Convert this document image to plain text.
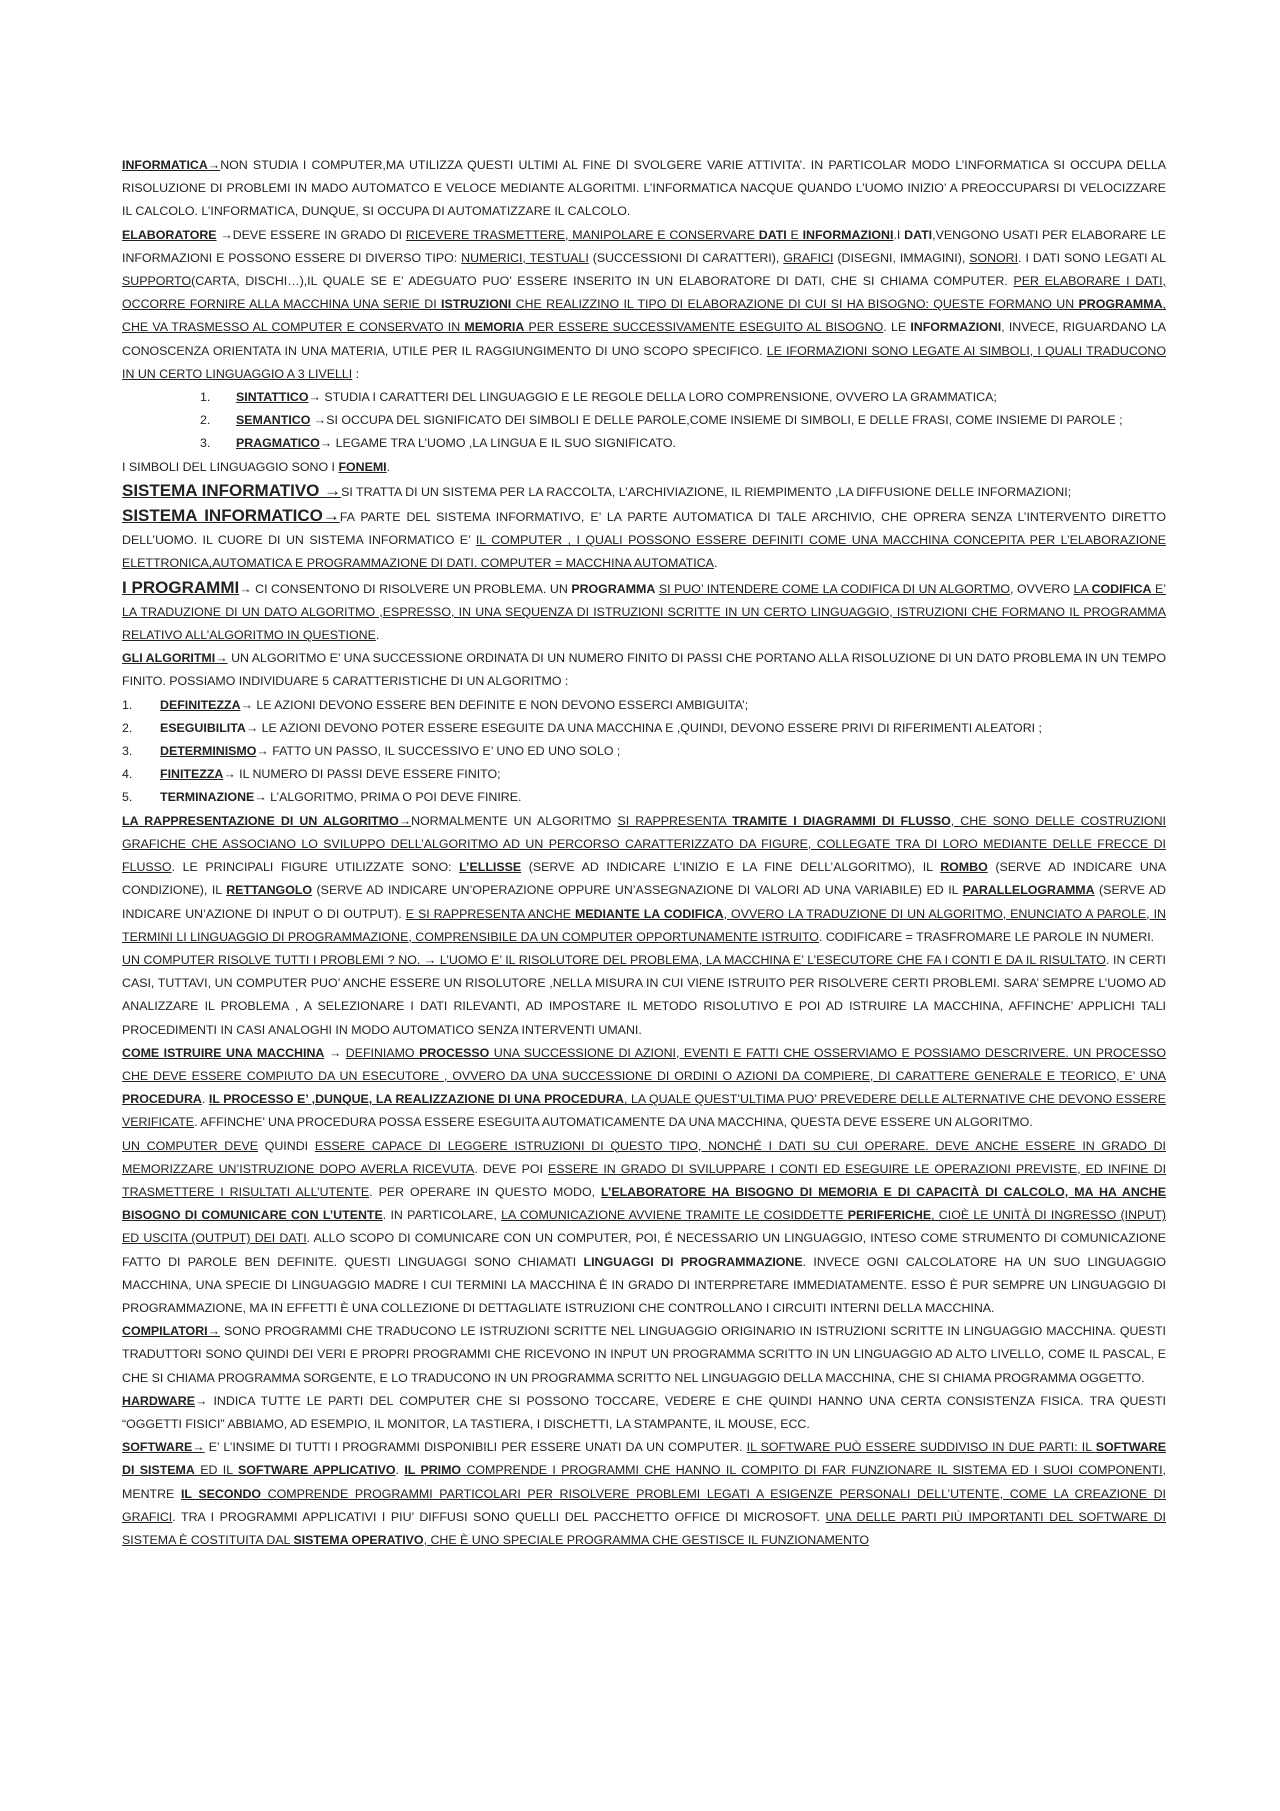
INFORMATICA→NON STUDIA I COMPUTER,MA UTILIZZA QUESTI ULTIMI AL FINE DI SVOLGERE VARIE ATTIVITA’. IN PARTICOLAR MODO L’INFORMATICA SI OCCUPA DELLA RISOLUZIONE DI PROBLEMI IN MADO AUTOMATCO E VELOCE MEDIANTE ALGORITMI. L’INFORMATICA NACQUE QUANDO L’UOMO INIZIO’ A PREOCCUPARSI DI VELOCIZZARE IL CALCOLO. L’INFORMATICA, DUNQUE, SI OCCUPA DI AUTOMATIZZARE IL CALCOLO.

ELABORATORE →DEVE ESSERE IN GRADO DI RICEVERE TRASMETTERE, MANIPOLARE E CONSERVARE DATI E INFORMAZIONI.I DATI,VENGONO USATI PER ELABORARE LE INFORMAZIONI E POSSONO ESSERE DI DIVERSO TIPO: NUMERICI, TESTUALI (SUCCESSIONI DI CARATTERI), GRAFICI (DISEGNI, IMMAGINI), SONORI. I DATI SONO LEGATI AL SUPPORTO(CARTA, DISCHI…),IL QUALE SE E’ ADEGUATO PUO’ ESSERE INSERITO IN UN ELABORATORE DI DATI, CHE SI CHIAMA COMPUTER. PER ELABORARE I DATI, OCCORRE FORNIRE ALLA MACCHINA UNA SERIE DI ISTRUZIONI CHE REALIZZINO IL TIPO DI ELABORAZIONE DI CUI SI HA BISOGNO: QUESTE FORMANO UN PROGRAMMA, CHE VA TRASMESSO AL COMPUTER E CONSERVATO IN MEMORIA PER ESSERE SUCCESSIVAMENTE ESEGUITO AL BISOGNO. LE INFORMAZIONI, INVECE, RIGUARDANO LA CONOSCENZA ORIENTATA IN UNA MATERIA, UTILE PER IL RAGGIUNGIMENTO DI UNO SCOPO SPECIFICO. LE IFORMAZIONI SONO LEGATE AI SIMBOLI, I QUALI TRADUCONO IN UN CERTO LINGUAGGIO A 3 LIVELLI :

1. SINTATTICO→ STUDIA I CARATTERI DEL LINGUAGGIO E LE REGOLE DELLA LORO COMPRENSIONE, OVVERO LA GRAMMATICA;
2. SEMANTICO →SI OCCUPA DEL SIGNIFICATO DEI SIMBOLI E DELLE PAROLE,COME INSIEME DI SIMBOLI, E DELLE FRASI, COME INSIEME DI PAROLE ;
3. PRAGMATICO→ LEGAME TRA L’UOMO ,LA LINGUA E IL SUO SIGNIFICATO.

I SIMBOLI DEL LINGUAGGIO SONO I FONEMI.

SISTEMA INFORMATIVO →SI TRATTA DI UN SISTEMA PER LA RACCOLTA, L’ARCHIVIAZIONE, IL RIEMPIMENTO ,LA DIFFUSIONE DELLE INFORMAZIONI;

SISTEMA INFORMATICO→FA PARTE DEL SISTEMA INFORMATIVO, E’ LA PARTE AUTOMATICA DI TALE ARCHIVIO, CHE OPRERA SENZA L’INTERVENTO DIRETTO DELL’UOMO. IL CUORE DI UN SISTEMA INFORMATICO E’ IL COMPUTER , I QUALI POSSONO ESSERE DEFINITI COME UNA MACCHINA CONCEPITA PER L’ELABORAZIONE ELETTRONICA,AUTOMATICA E PROGRAMMAZIONE DI DATI. COMPUTER = MACCHINA AUTOMATICA.

I PROGRAMMI→ CI CONSENTONO DI RISOLVERE UN PROBLEMA. UN PROGRAMMA SI PUO’ INTENDERE COME LA CODIFICA DI UN ALGORTMO, OVVERO LA CODIFICA E’ LA TRADUZIONE DI UN DATO ALGORITMO ,ESPRESSO, IN UNA SEQUENZA DI ISTRUZIONI SCRITTE IN UN CERTO LINGUAGGIO, ISTRUZIONI CHE FORMANO IL PROGRAMMA RELATIVO ALL’ALGORITMO IN QUESTIONE.

GLI ALGORITMI→ UN ALGORITMO E’ UNA SUCCESSIONE ORDINATA DI UN NUMERO FINITO DI PASSI CHE PORTANO ALLA RISOLUZIONE DI UN DATO PROBLEMA IN UN TEMPO FINITO. POSSIAMO INDIVIDUARE 5 CARATTERISTICHE DI UN ALGORITMO :

1. DEFINITEZZA→ LE AZIONI DEVONO ESSERE BEN DEFINITE E NON DEVONO ESSERCI AMBIGUITA’;
2. ESEGUIBILITA→ LE AZIONI DEVONO POTER ESSERE ESEGUITE DA UNA MACCHINA E ,QUINDI, DEVONO ESSERE PRIVI DI RIFERIMENTI ALEATORI ;
3. DETERMINISMO→ FATTO UN PASSO, IL SUCCESSIVO E’ UNO ED UNO SOLO ;
4. FINITEZZA→ IL NUMERO DI PASSI DEVE ESSERE FINITO;
5. TERMINAZIONE→ L’ALGORITMO, PRIMA O POI DEVE FINIRE.

LA RAPPRESENTAZIONE DI UN ALGORITMO→NORMALMENTE UN ALGORITMO SI RAPPRESENTA TRAMITE I DIAGRAMMI DI FLUSSO, CHE SONO DELLE COSTRUZIONI GRAFICHE CHE ASSOCIANO LO SVILUPPO DELL’ALGORITMO AD UN PERCORSO CARATTERIZZATO DA FIGURE, COLLEGATE TRA DI LORO MEDIANTE DELLE FRECCE DI FLUSSO. LE PRINCIPALI FIGURE UTILIZZATE SONO: L’ELLISSE (SERVE AD INDICARE L’INIZIO E LA FINE DELL’ALGORITMO), IL ROMBO (SERVE AD INDICARE UNA CONDIZIONE), IL RETTANGOLO (SERVE AD INDICARE UN’OPERAZIONE OPPURE UN’ASSEGNAZIONE DI VALORI AD UNA VARIABILE) ED IL PARALLELOGRAMMA (SERVE AD INDICARE UN’AZIONE DI INPUT O DI OUTPUT). E SI RAPPRESENTA ANCHE MEDIANTE LA CODIFICA, OVVERO LA TRADUZIONE DI UN ALGORITMO, ENUNCIATO A PAROLE, IN TERMINI LI LINGUAGGIO DI PROGRAMMAZIONE, COMPRENSIBILE DA UN COMPUTER OPPORTUNAMENTE ISTRUITO. CODIFICARE = TRASFROMARE LE PAROLE IN NUMERI.

UN COMPUTER RISOLVE TUTTI I PROBLEMI ? NO. → L’UOMO E’ IL RISOLUTORE DEL PROBLEMA, LA MACCHINA E’ L’ESECUTORE CHE FA I CONTI E DA IL RISULTATO. IN CERTI CASI, TUTTAVI, UN COMPUTER PUO’ ANCHE ESSERE UN RISOLUTORE ,NELLA MISURA IN CUI VIENE ISTRUITO PER RISOLVERE CERTI PROBLEMI. SARA’ SEMPRE L’UOMO AD ANALIZZARE IL PROBLEMA , A SELEZIONARE I DATI RILEVANTI, AD IMPOSTARE IL METODO RISOLUTIVO E POI AD ISTRUIRE LA MACCHINA, AFFINCHE’ APPLICHI TALI PROCEDIMENTI IN CASI ANALOGHI IN MODO AUTOMATICO SENZA INTERVENTI UMANI.

COME ISTRUIRE UNA MACCHINA → DEFINIAMO PROCESSO UNA SUCCESSIONE DI AZIONI, EVENTI E FATTI CHE OSSERVIAMO E POSSIAMO DESCRIVERE. UN PROCESSO CHE DEVE ESSERE COMPIUTO DA UN ESECUTORE , OVVERO DA UNA SUCCESSIONE DI ORDINI O AZIONI DA COMPIERE, DI CARATTERE GENERALE E TEORICO, E’ UNA PROCEDURA. IL PROCESSO E’ ,DUNQUE, LA REALIZZAZIONE DI UNA PROCEDURA, LA QUALE QUEST’ULTIMA PUO’ PREVEDERE DELLE ALTERNATIVE CHE DEVONO ESSERE VERIFICATE. AFFINCHE’ UNA PROCEDURA POSSA ESSERE ESEGUITA AUTOMATICAMENTE DA UNA MACCHINA, QUESTA DEVE ESSERE UN ALGORITMO.

UN COMPUTER DEVE QUINDI ESSERE CAPACE DI LEGGERE ISTRUZIONI DI QUESTO TIPO, NONCHÉ I DATI SU CUI OPERARE. DEVE ANCHE ESSERE IN GRADO DI MEMORIZZARE UN’ISTRUZIONE DOPO AVERLA RICEVUTA. DEVE POI ESSERE IN GRADO DI SVILUPPARE I CONTI ED ESEGUIRE LE OPERAZIONI PREVISTE, ED INFINE DI TRASMETTERE I RISULTATI ALL’UTENTE. PER OPERARE IN QUESTO MODO, L’ELABORATORE HA BISOGNO DI MEMORIA E DI CAPACITÀ DI CALCOLO, MA HA ANCHE BISOGNO DI COMUNICARE CON L’UTENTE. IN PARTICOLARE, LA COMUNICAZIONE AVVIENE TRAMITE LE COSIDDETTE PERIFERICHE, CIOÈ LE UNITÀ DI INGRESSO (INPUT) ED USCITA (OUTPUT) DEI DATI. ALLO SCOPO DI COMUNICARE CON UN COMPUTER, POI, É NECESSARIO UN LINGUAGGIO, INTESO COME STRUMENTO DI COMUNICAZIONE FATTO DI PAROLE BEN DEFINITE. QUESTI LINGUAGGI SONO CHIAMATI LINGUAGGI DI PROGRAMMAZIONE. INVECE OGNI CALCOLATORE HA UN SUO LINGUAGGIO MACCHINA, UNA SPECIE DI LINGUAGGIO MADRE I CUI TERMINI LA MACCHINA È IN GRADO DI INTERPRETARE IMMEDIATAMENTE. ESSO È PUR SEMPRE UN LINGUAGGIO DI PROGRAMMAZIONE, MA IN EFFETTI È UNA COLLEZIONE DI DETTAGLIATE ISTRUZIONI CHE CONTROLLANO I CIRCUITI INTERNI DELLA MACCHINA.

COMPILATORI→ SONO PROGRAMMI CHE TRADUCONO LE ISTRUZIONI SCRITTE NEL LINGUAGGIO ORIGINARIO IN ISTRUZIONI SCRITTE IN LINGUAGGIO MACCHINA. QUESTI TRADUTTORI SONO QUINDI DEI VERI E PROPRI PROGRAMMI CHE RICEVONO IN INPUT UN PROGRAMMA SCRITTO IN UN LINGUAGGIO AD ALTO LIVELLO, COME IL PASCAL, E CHE SI CHIAMA PROGRAMMA SORGENTE, E LO TRADUCONO IN UN PROGRAMMA SCRITTO NEL LINGUAGGIO DELLA MACCHINA, CHE SI CHIAMA PROGRAMMA OGGETTO.

HARDWARE→ INDICA TUTTE LE PARTI DEL COMPUTER CHE SI POSSONO TOCCARE, VEDERE E CHE QUINDI HANNO UNA CERTA CONSISTENZA FISICA. TRA QUESTI “OGGETTI FISICI” ABBIAMO, AD ESEMPIO, IL MONITOR, LA TASTIERA, I DISCHETTI, LA STAMPANTE, IL MOUSE, ECC.

SOFTWARE→ E’ L’INSIME DI TUTTI I PROGRAMMI DISPONIBILI PER ESSERE UNATI DA UN COMPUTER. IL SOFTWARE PUÒ ESSERE SUDDIVISO IN DUE PARTI: IL SOFTWARE DI SISTEMA ED IL SOFTWARE APPLICATIVO. IL PRIMO COMPRENDE I PROGRAMMI CHE HANNO IL COMPITO DI FAR FUNZIONARE IL SISTEMA ED I SUOI COMPONENTI, MENTRE IL SECONDO COMPRENDE PROGRAMMI PARTICOLARI PER RISOLVERE PROBLEMI LEGATI A ESIGENZE PERSONALI DELL’UTENTE, COME LA CREAZIONE DI GRAFICI. TRA I PROGRAMMI APPLICATIVI I PIU’ DIFFUSI SONO QUELLI DEL PACCHETTO OFFICE DI MICROSOFT. UNA DELLE PARTI PIÙ IMPORTANTI DEL SOFTWARE DI SISTEMA È COSTITUITA DAL SISTEMA OPERATIVO, CHE È UNO SPECIALE PROGRAMMA CHE GESTISCE IL FUNZIONAMENTO
